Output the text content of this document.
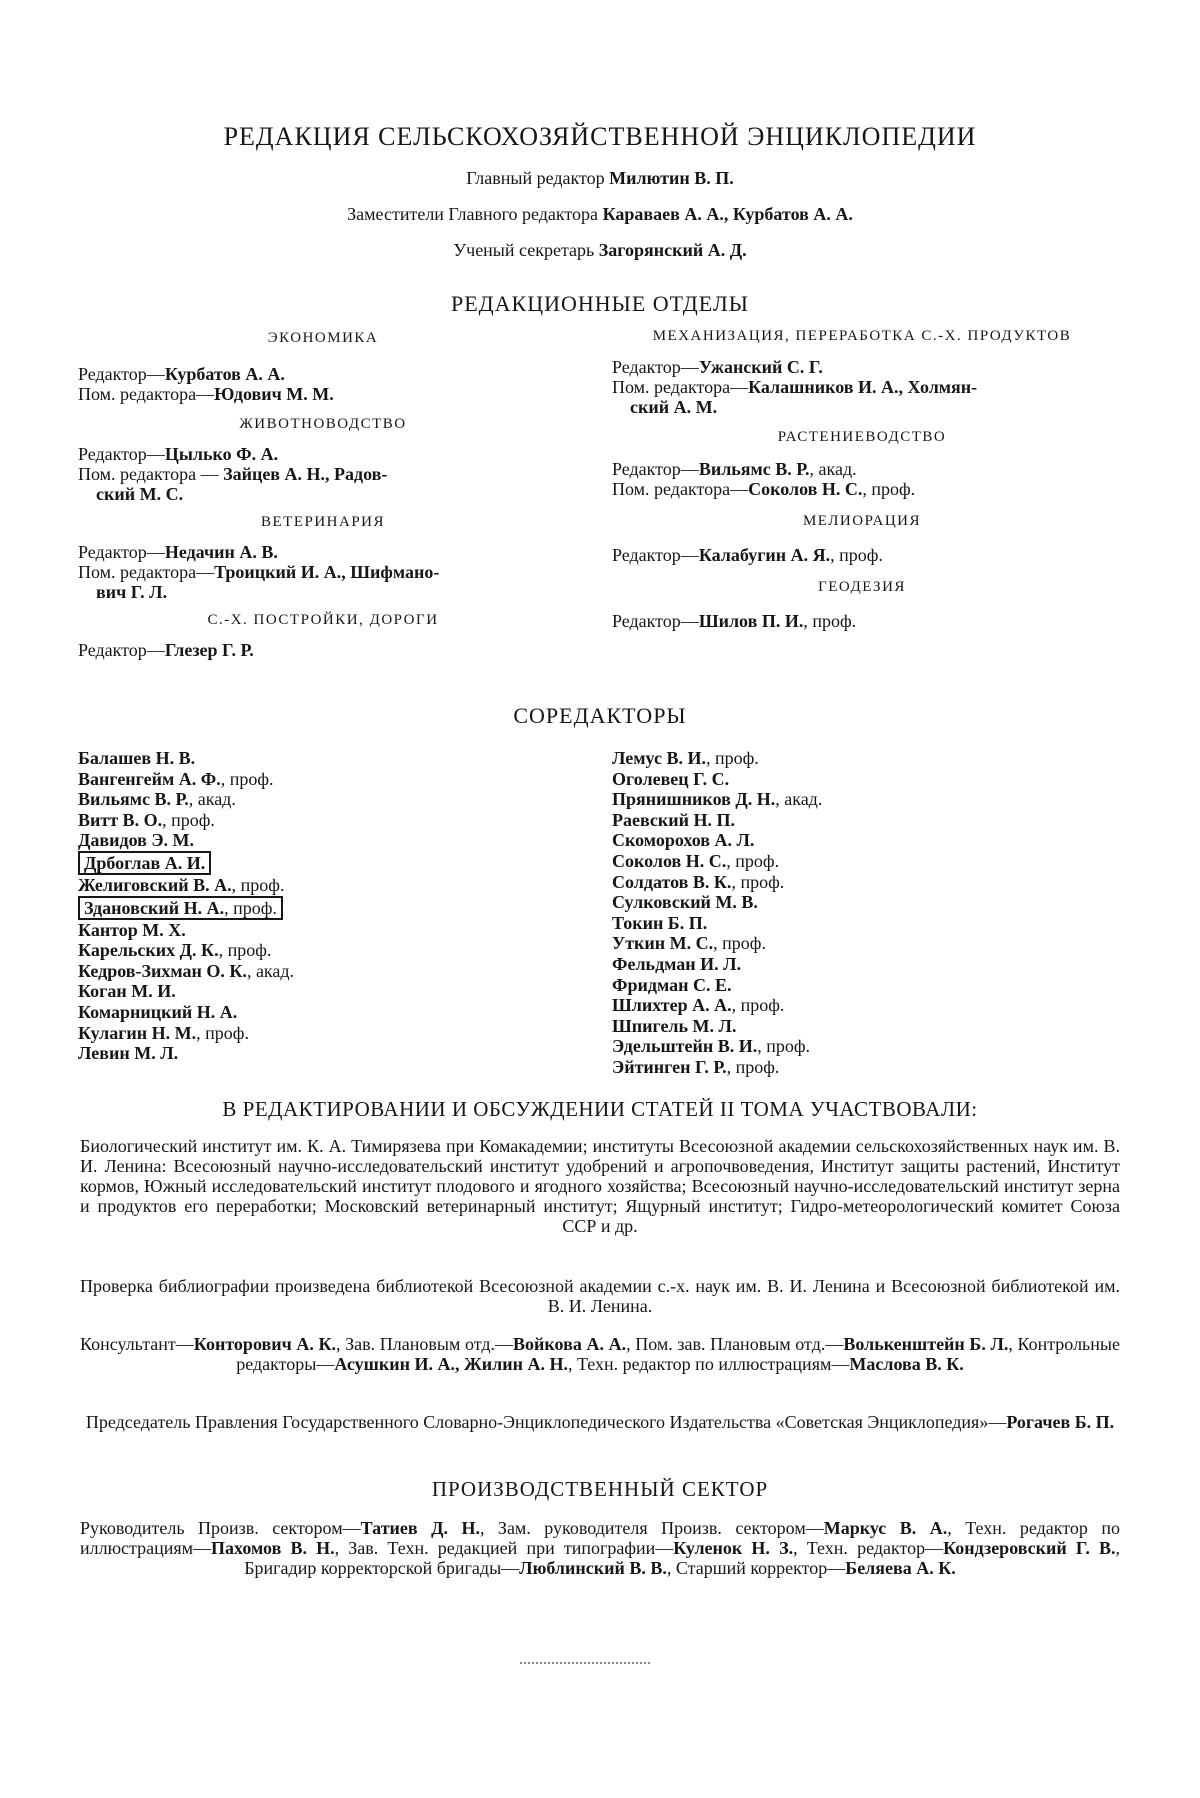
РЕДАКЦИЯ СЕЛЬСКОХОЗЯЙСТВЕННОЙ ЭНЦИКЛОПЕДИИ
Главный редактор Милютин В. П.
Заместители Главного редактора Караваев А. А., Курбатов А. А.
Ученый секретарь Загорянский А. Д.
РЕДАКЦИОННЫЕ ОТДЕЛЫ
ЭКОНОМИКА

Редактор—Курбатов А. А.

Пом. редактора—Юдович М. М.

ЖИВОТНОВОДСТВО

Редактор—Цылько Ф. А.

Пом. редактора — Зайцев А. Н., Радов-

ский М. С.

ВЕТЕРИНАРИЯ

Редактор—Недачин А. В.

Пом. редактора—Троицкий И. А., Шифмано-

вич Г. Л.

С.-Х. ПОСТРОЙКИ, ДОРОГИ

Редактор—Глезер Г. Р.

МЕХАНИЗАЦИЯ, ПЕРЕРАБОТКА С.-Х. ПРОДУКТОВ

Редактор—Ужанский С. Г.

Пом. редактора—Калашников И. А., Холмян-

ский А. М.

РАСТЕНИЕВОДСТВО

Редактор—Вильямс В. Р., акад.

Пом. редактора—Соколов Н. С., проф.

МЕЛИОРАЦИЯ

Редактор—Калабугин А. Я., проф.

ГЕОДЕЗИЯ

Редактор—Шилов П. И., проф.

СОРЕДАКТОРЫ
Балашев Н. В.
Вангенгейм А. Ф., проф.
Вильямс В. Р., акад.
Витт В. О., проф.
Давидов Э. М.
Дрбоглав А. И.
Желиговский В. А., проф.
Здановский Н. А., проф.
Кантор М. Х.
Карельских Д. К., проф.
Кедров-Зихман О. К., акад.
Коган М. И.
Комарницкий Н. А.
Кулагин Н. М., проф.
Левин М. Л.
Лемус В. И., проф.
Оголевец Г. С.
Прянишников Д. Н., акад.
Раевский Н. П.
Скоморохов А. Л.
Соколов Н. С., проф.
Солдатов В. К., проф.
Сулковский М. В.
Токин Б. П.
Уткин М. С., проф.
Фельдман И. Л.
Фридман С. Е.
Шлихтер А. А., проф.
Шпигель М. Л.
Эдельштейн В. И., проф.
Эйтинген Г. Р., проф.
В РЕДАКТИРОВАНИИ И ОБСУЖДЕНИИ СТАТЕЙ II ТОМА УЧАСТВОВАЛИ:
Биологический институт им. К. А. Тимирязева при Комакадемии; институты Всесоюзной академии сельскохозяйственных наук им. В. И. Ленина: Всесоюзный научно-исследовательский институт удобрений и агропочвоведения, Институт защиты растений, Институт кормов, Южный исследовательский институт плодового и ягодного хозяйства; Всесоюзный научно-исследовательский институт зерна и продуктов его переработки; Московский ветеринарный институт; Ящурный институт; Гидро-метеорологический комитет Союза ССР и др.
Проверка библиографии произведена библиотекой Всесоюзной академии с.-х. наук им. В. И. Ленина и Всесоюзной библиотекой им. В. И. Ленина.
Консультант—Конторович А. К., Зав. Плановым отд.—Войкова А. А., Пом. зав. Плановым отд.—Волькенштейн Б. Л., Контрольные редакторы—Асушкин И. А., Жилин А. Н., Техн. редактор по иллюстрациям—Маслова В. К.
Председатель Правления Государственного Словарно-Энциклопедического Издательства «Советская Энциклопедия»—Рогачев Б. П.
ПРОИЗВОДСТВЕННЫЙ СЕКТОР
Руководитель Произв. сектором—Татиев Д. Н., Зам. руководителя Произв. сектором—Маркус В. А., Техн. редактор по иллюстрациям—Пахомов В. Н., Зав. Техн. редакцией при типографии—Куленок Н. З., Техн. редактор—Кондзеровский Г. В., Бригадир корректорской бригады—Люблинский В. В., Старший корректор—Беляева А. К.
